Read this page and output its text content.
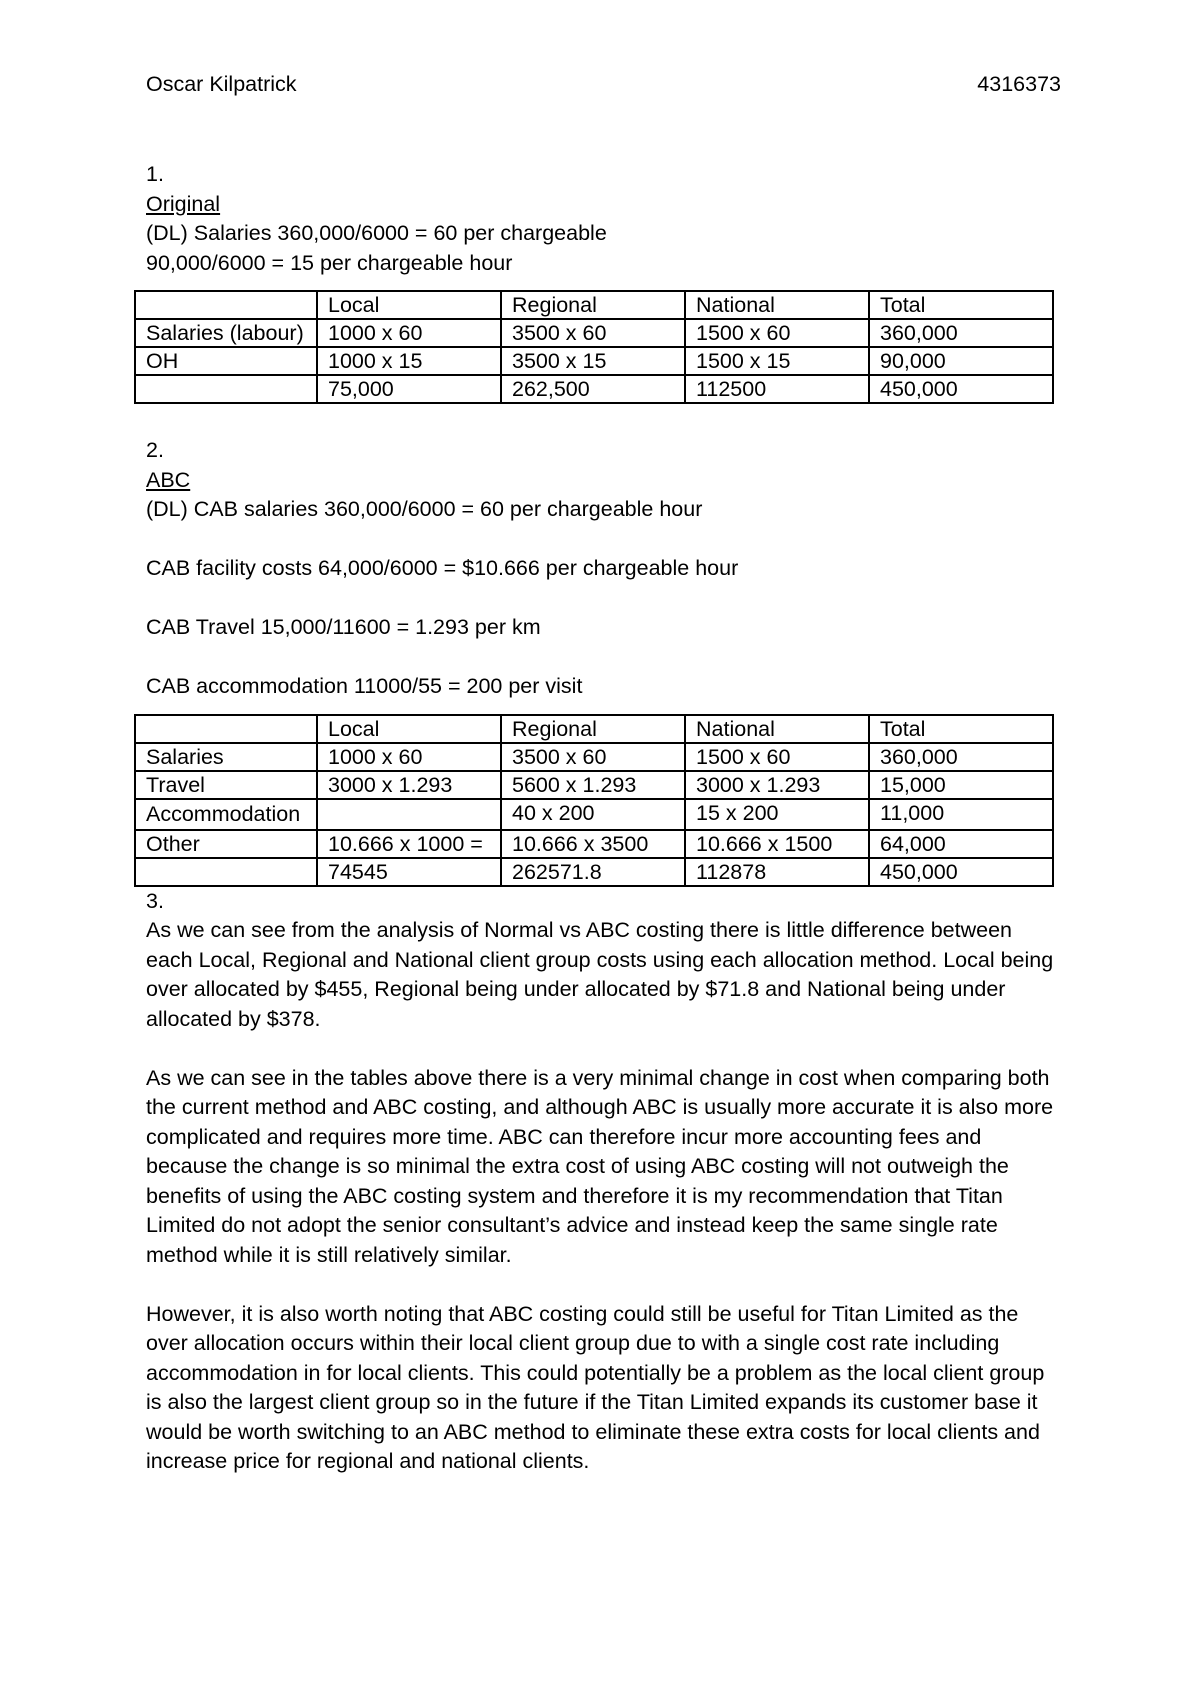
Oscar Kilpatrick	4316373
1.
Original
(DL) Salaries 360,000/6000 = 60 per chargeable
90,000/6000 = 15 per chargeable hour
	Local	Regional	National	Total
Salaries (labour)	1000 x 60	3500 x 60	1500 x 60	360,000
OH	1000 x 15	3500 x 15	1500 x 15	90,000
	75,000	262,500	112500	450,000
2.
ABC
(DL) CAB salaries 360,000/6000 = 60 per chargeable hour
CAB facility costs 64,000/6000 = $10.666 per chargeable hour
CAB Travel 15,000/11600 = 1.293 per km
CAB accommodation 11000/55 = 200 per visit
	Local	Regional	National	Total
Salaries	1000 x 60	3500 x 60	1500 x 60	360,000
Travel	3000 x 1.293	5600 x 1.293	3000 x 1.293	15,000
Accommodation		40 x 200	15 x 200	11,000
Other	10.666 x 1000 =	10.666 x 3500	10.666 x 1500	64,000
	74545	262571.8	112878	450,000
3.

As we can see from the analysis of Normal vs ABC costing there is little difference between each Local, Regional and National client group costs using each allocation method. Local being over allocated by $455, Regional being under allocated by $71.8 and National being under allocated by $378.

As we can see in the tables above there is a very minimal change in cost when comparing both the current method and ABC costing, and although ABC is usually more accurate it is also more complicated and requires more time. ABC can therefore incur more accounting fees and because the change is so minimal the extra cost of using ABC costing will not outweigh the benefits of using the ABC costing system and therefore it is my recommendation that Titan Limited do not adopt the senior consultant’s advice and instead keep the same single rate method while it is still relatively similar.

However, it is also worth noting that ABC costing could still be useful for Titan Limited as the over allocation occurs within their local client group due to with a single cost rate including accommodation in for local clients. This could potentially be a problem as the local client group is also the largest client group so in the future if the Titan Limited expands its customer base it would be worth switching to an ABC method to eliminate these extra costs for local clients and increase price for regional and national clients.
